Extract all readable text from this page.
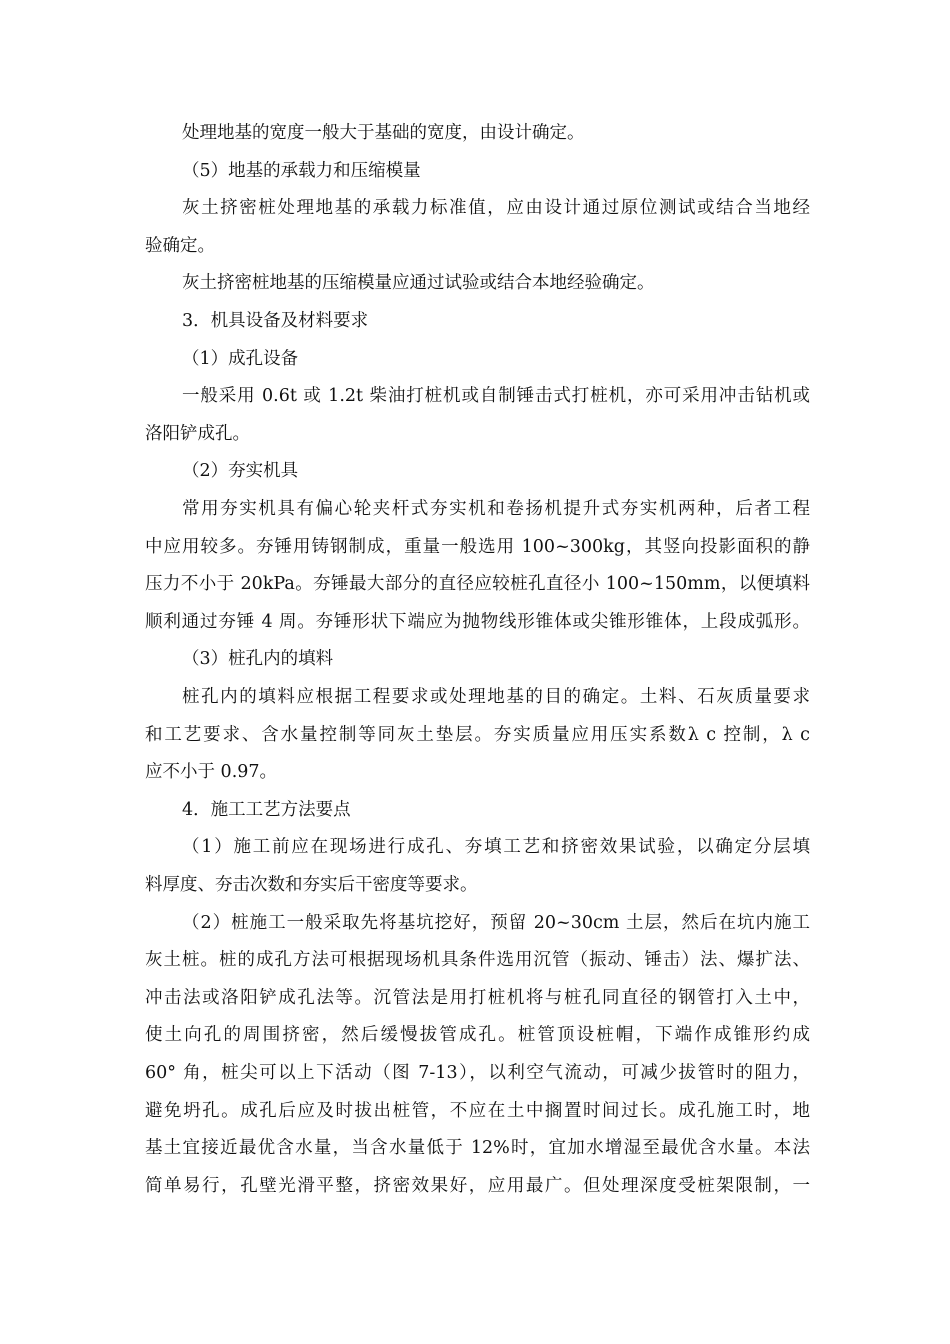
处理地基的宽度一般大于基础的宽度，由设计确定。
（5）地基的承载力和压缩模量
灰土挤密桩处理地基的承载力标准值，应由设计通过原位测试或结合当地经
验确定。
灰土挤密桩地基的压缩模量应通过试验或结合本地经验确定。
3．机具设备及材料要求
（1）成孔设备
一般采用 0.6t 或 1.2t 柴油打桩机或自制锤击式打桩机，亦可采用冲击钻机或
洛阳铲成孔。
（2）夯实机具
常用夯实机具有偏心轮夹杆式夯实机和卷扬机提升式夯实机两种，后者工程
中应用较多。夯锤用铸钢制成，重量一般选用 100~300kg，其竖向投影面积的静
压力不小于 20kPa。夯锤最大部分的直径应较桩孔直径小 100~150mm，以便填料
顺利通过夯锤 4 周。夯锤形状下端应为抛物线形锥体或尖锥形锥体，上段成弧形。
（3）桩孔内的填料
桩孔内的填料应根据工程要求或处理地基的目的确定。土料、石灰质量要求
和工艺要求、含水量控制等同灰土垫层。夯实质量应用压实系数λ c 控制，λ c
应不小于 0.97。
4．施工工艺方法要点
（1）施工前应在现场进行成孔、夯填工艺和挤密效果试验，以确定分层填
料厚度、夯击次数和夯实后干密度等要求。
（2）桩施工一般采取先将基坑挖好，预留 20~30cm 土层，然后在坑内施工
灰土桩。桩的成孔方法可根据现场机具条件选用沉管（振动、锤击）法、爆扩法、
冲击法或洛阳铲成孔法等。沉管法是用打桩机将与桩孔同直径的钢管打入土中，
使土向孔的周围挤密，然后缓慢拔管成孔。桩管顶设桩帽，下端作成锥形约成
60° 角，桩尖可以上下活动（图 7-13），以利空气流动，可减少拔管时的阻力，
避免坍孔。成孔后应及时拔出桩管，不应在土中搁置时间过长。成孔施工时，地
基土宜接近最优含水量，当含水量低于 12%时，宜加水增湿至最优含水量。本法
简单易行，孔壁光滑平整，挤密效果好，应用最广。但处理深度受桩架限制，一
